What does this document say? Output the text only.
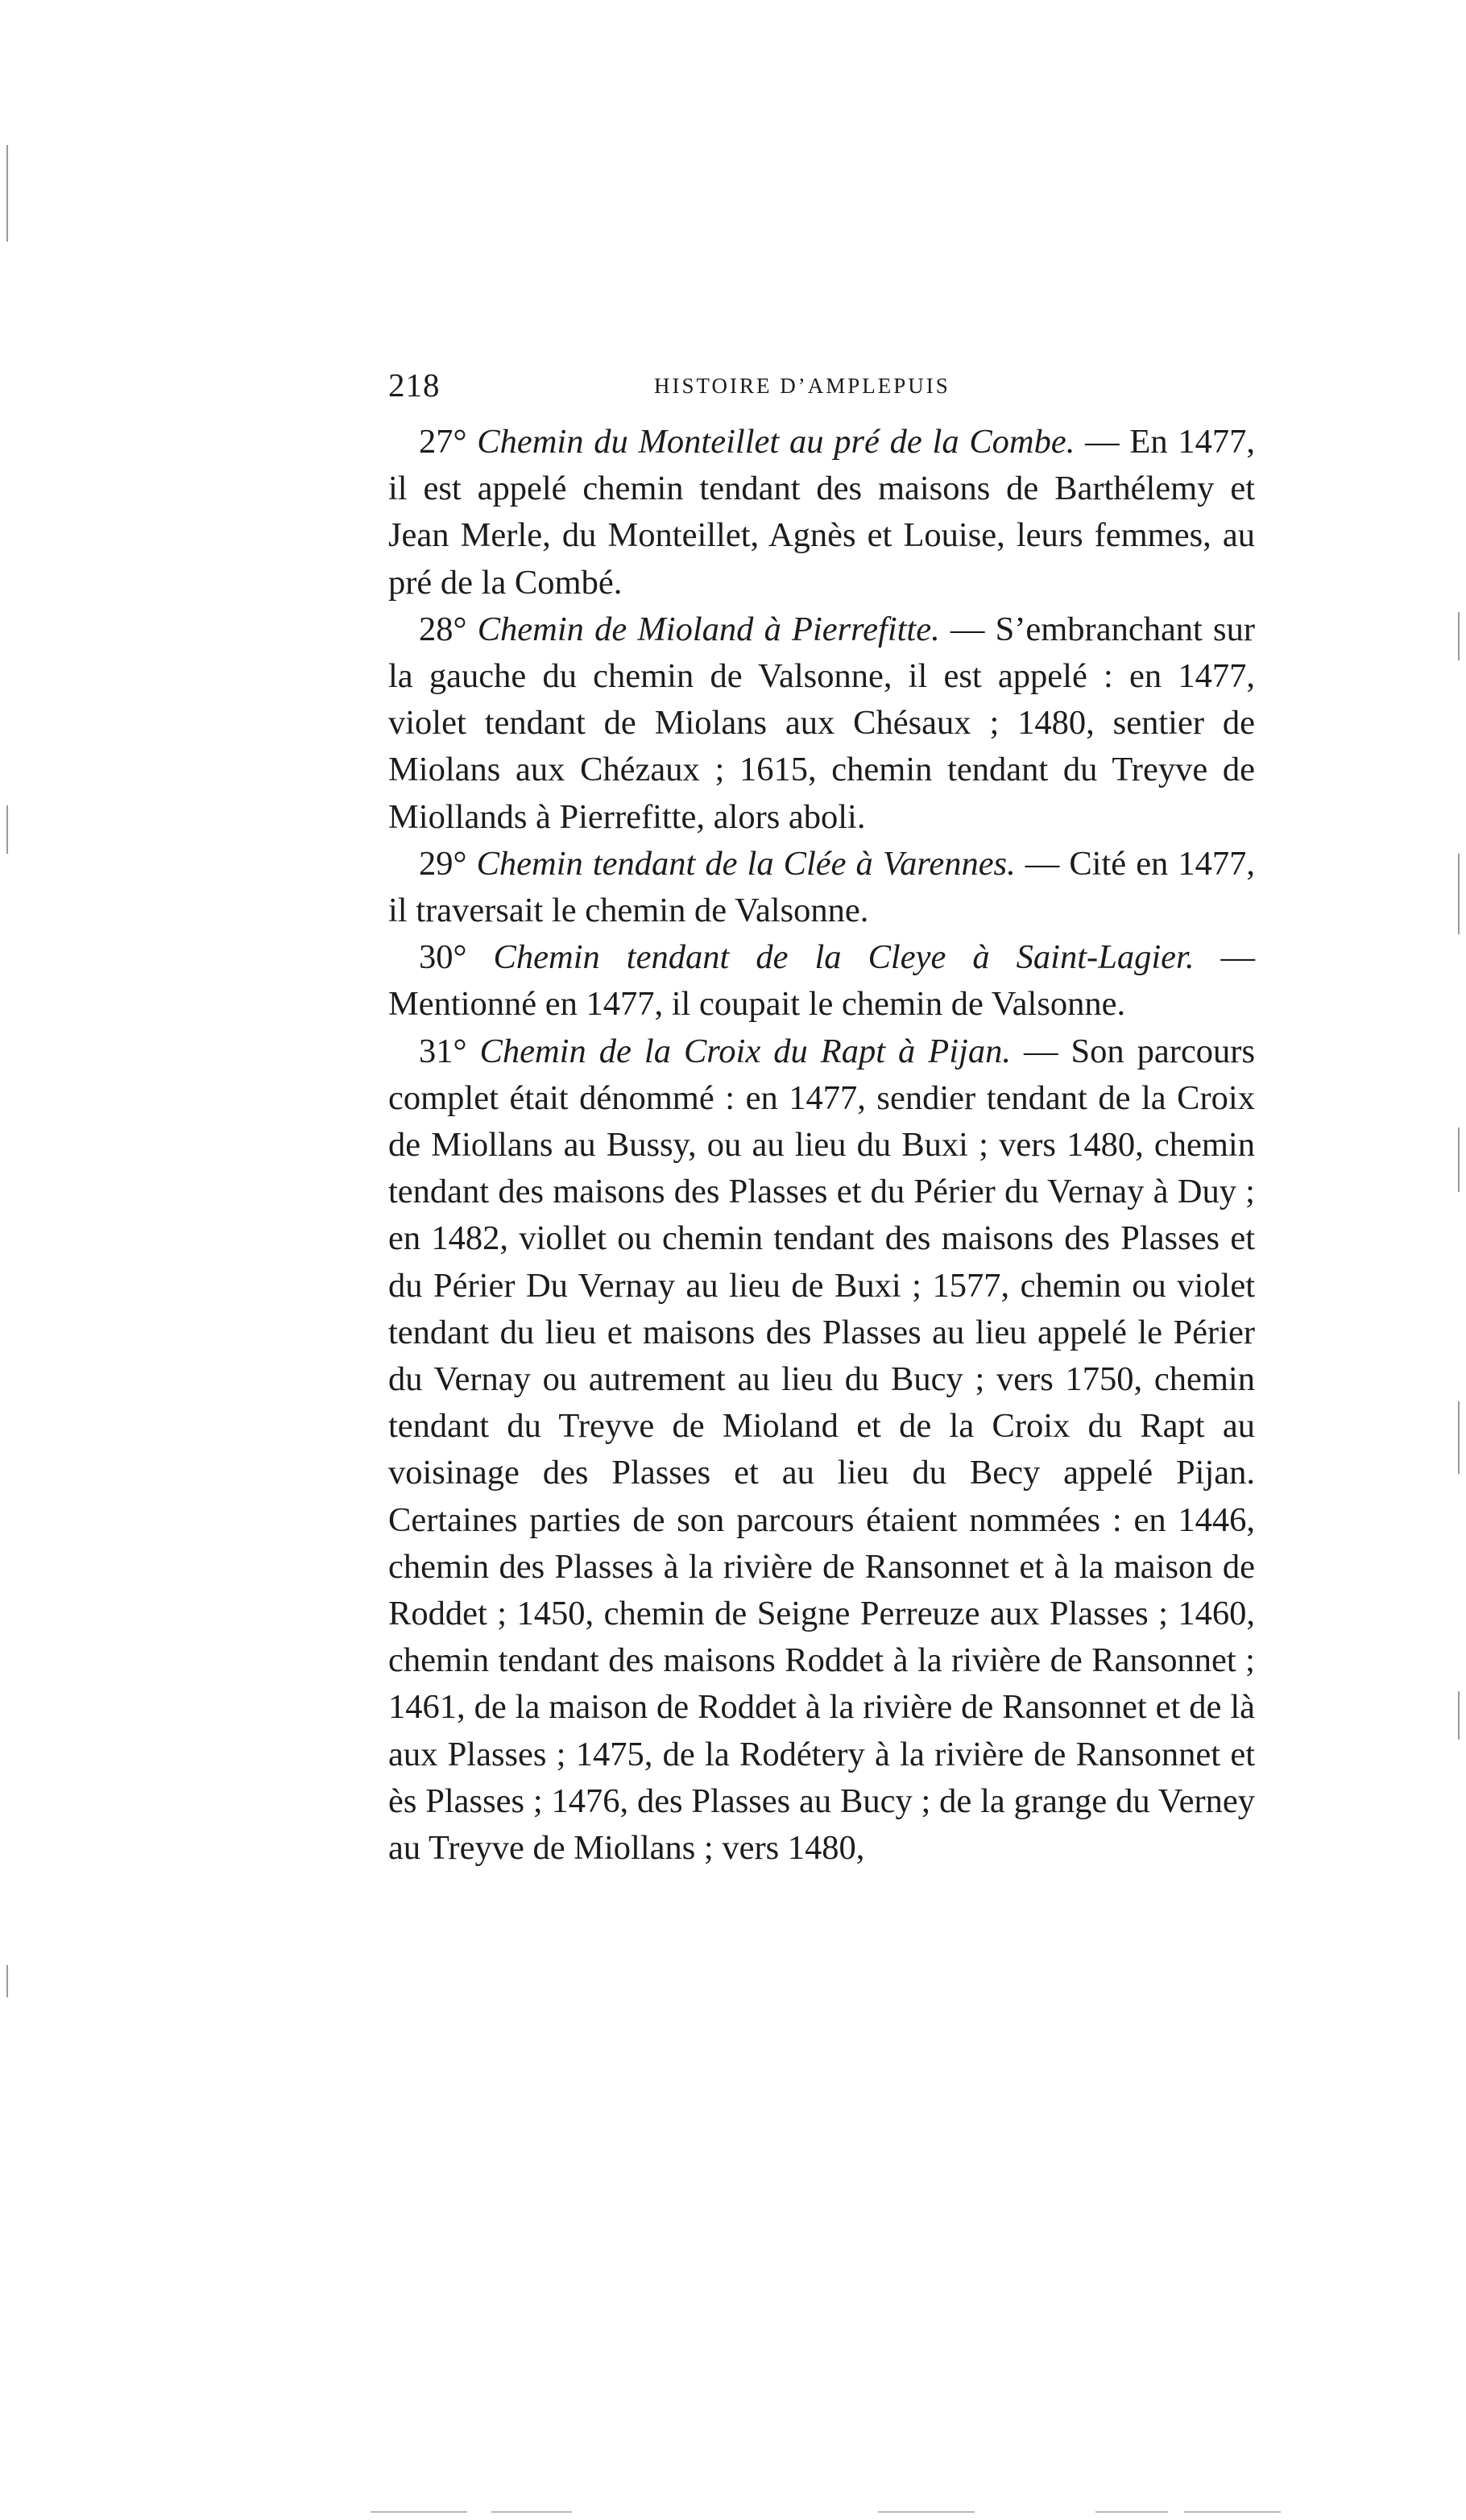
218	HISTOIRE D’AMPLEPUIS

27° Chemin du Monteillet au pré de la Combe. — En 1477, il est appelé chemin tendant des maisons de Barthélemy et Jean Merle, du Monteillet, Agnès et Louise, leurs femmes, au pré de la Combé.

28° Chemin de Mioland à Pierrefitte. — S’embranchant sur la gauche du chemin de Valsonne, il est appelé : en 1477, violet tendant de Miolans aux Chésaux ; 1480, sentier de Miolans aux Chézaux ; 1615, chemin tendant du Treyve de Miollands à Pierrefitte, alors aboli.

29° Chemin tendant de la Clée à Varennes. — Cité en 1477, il traversait le chemin de Valsonne.

30° Chemin tendant de la Cleye à Saint-Lagier. — Mentionné en 1477, il coupait le chemin de Valsonne.

31° Chemin de la Croix du Rapt à Pijan. — Son parcours complet était dénommé : en 1477, sendier tendant de la Croix de Miollans au Bussy, ou au lieu du Buxi ; vers 1480, chemin tendant des maisons des Plasses et du Périer du Vernay à Duy ; en 1482, viollet ou chemin tendant des maisons des Plasses et du Périer Du Vernay au lieu de Buxi ; 1577, chemin ou violet tendant du lieu et maisons des Plasses au lieu appelé le Périer du Vernay ou autrement au lieu du Bucy ; vers 1750, chemin tendant du Treyve de Mioland et de la Croix du Rapt au voisinage des Plasses et au lieu du Becy appelé Pijan. Certaines parties de son parcours étaient nommées : en 1446, chemin des Plasses à la rivière de Ransonnet et à la maison de Roddet ; 1450, chemin de Seigne Perreuze aux Plasses ; 1460, chemin tendant des maisons Roddet à la rivière de Ransonnet ; 1461, de la maison de Roddet à la rivière de Ransonnet et de là aux Plasses ; 1475, de la Rodétery à la rivière de Ransonnet et ès Plasses ; 1476, des Plasses au Bucy ; de la grange du Verney au Treyve de Miollans ; vers 1480,
